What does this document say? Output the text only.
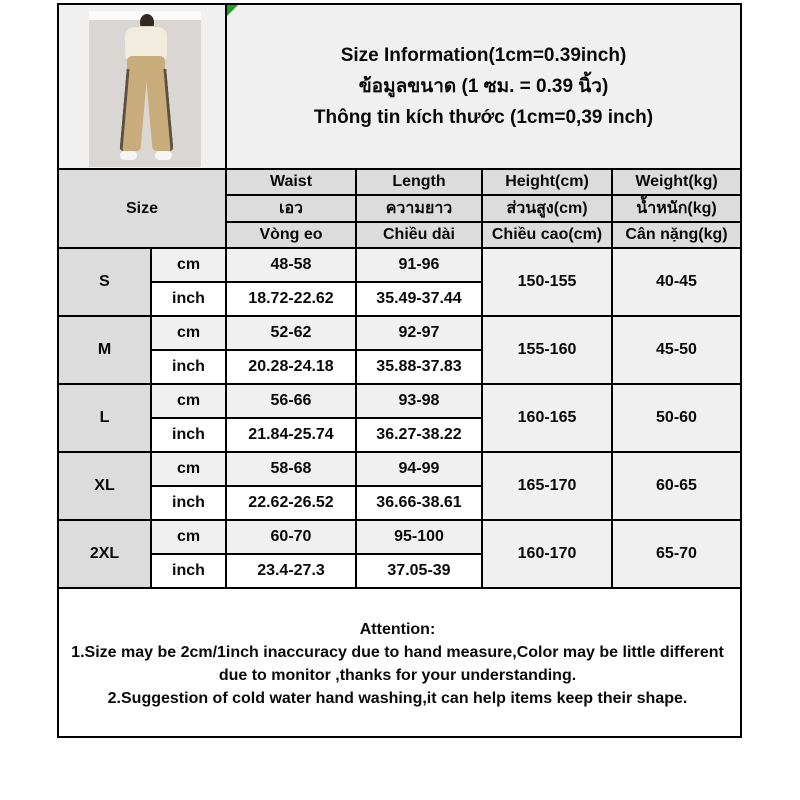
		Size Information(1cm=0.39inch)
ข้อมูลขนาด (1 ซม. = 0.39 นิ้ว)
Thông tin kích thước (1cm=0,39 inch)			

Size		Waist	Length	Height(cm)	Weight(kg)
		เอว	ความยาว	ส่วนสูง(cm)	น้ำหนัก(kg)
		Vòng eo	Chiều dài	Chiều cao(cm)	Cân nặng(kg)
S	cm	48-58	91-96	150-155	40-45
	inch	18.72-22.62	35.49-37.44		
M	cm	52-62	92-97	155-160	45-50
	inch	20.28-24.18	35.88-37.83		
L	cm	56-66	93-98	160-165	50-60
	inch	21.84-25.74	36.27-38.22		
XL	cm	58-68	94-99	165-170	60-65
	inch	22.62-26.52	36.66-38.61		
2XL	cm	60-70	95-100	160-170	65-70
	inch	23.4-27.3	37.05-39		

Attention:
1.Size may be 2cm/1inch inaccuracy due to hand measure,Color may be little different due to monitor ,thanks for your understanding.
2.Suggestion of cold water hand washing,it can help items keep their shape.					
